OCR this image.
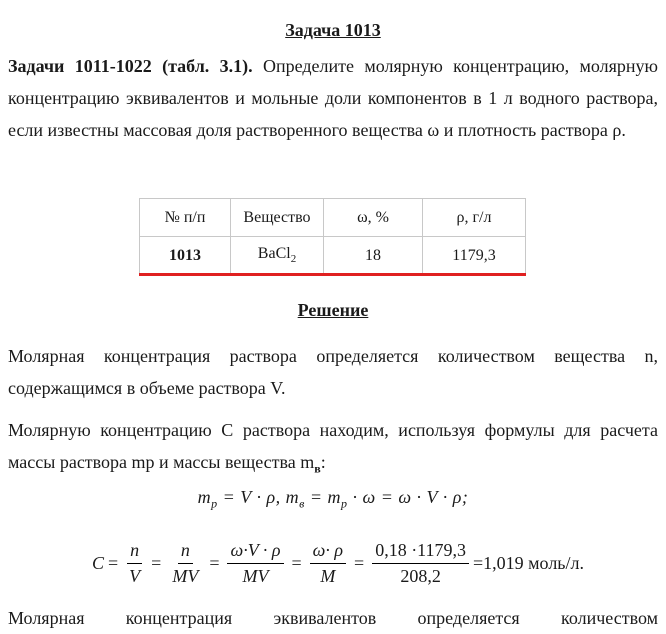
Задача 1013
Задачи 1011-1022 (табл. 3.1). Определите молярную концентрацию, молярную концентрацию эквивалентов и мольные доли компонентов в 1 л водного раствора, если известны массовая доля растворенного вещества ω и плотность раствора ρ.
№ п/п	Вещество	ω, %	ρ, г/л
1013	BaCl$_2$	18	1179,3
Решение
Молярная концентрация раствора определяется количеством вещества n, содержащимся в объеме раствора V.
Молярную концентрацию С раствора находим, используя формулы для расчета массы раствора mр и массы вещества $m_в$:
$m_р = V \cdot \rho$, $m_в = m_р \cdot \omega = \omega \cdot V \cdot \rho$;
$C = \frac{n}{V} = \frac{n}{MV} = \frac{\omega\cdot V \cdot \rho}{MV} = \frac{\omega\cdot \rho}{M} = \frac{0,18 \cdot 1179,3}{208,2} =1,019$ моль/л.
Молярная концентрация эквивалентов определяется количеством
